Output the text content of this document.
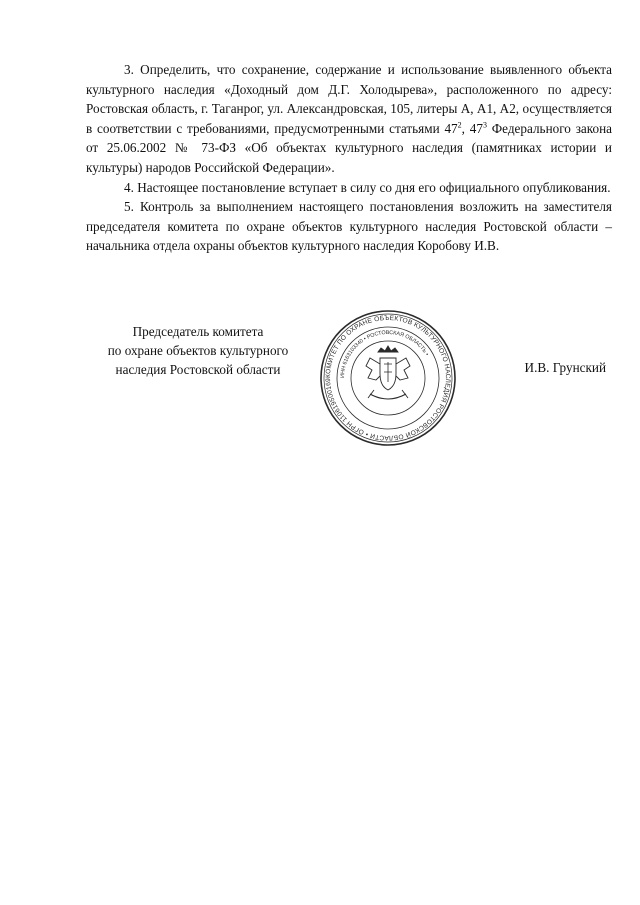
3. Определить, что сохранение, содержание и использование выявленного объекта культурного наследия «Доходный дом Д.Г. Холодырева», расположенного по адресу: Ростовская область, г. Таганрог, ул. Александровская, 105, литеры А, А1, А2, осуществляется в соответствии с требованиями, предусмотренными статьями $47^2$, $47^3$ Федерального закона от 25.06.2002 № 73-ФЗ «Об объектах культурного наследия (памятниках истории и культуры) народов Российской Федерации».

4. Настоящее постановление вступает в силу со дня его официального опубликования.

5. Контроль за выполнением настоящего постановления возложить на заместителя председателя комитета по охране объектов культурного наследия Ростовской области – начальника отдела охраны объектов культурного наследия Коробову И.В.

Председатель комитета
по охране объектов культурного
наследия Ростовской области	КОМИТЕТ ПО ОХРАНЕ ОБЪЕКТОВ КУЛЬТУРНОГО НАСЛЕДИЯ РОСТОВСКОЙ ОБЛАСТИ • ОГРН 110619500169
ИНН 6163103340 • РОСТОВСКАЯ ОБЛАСТЬ •
И.В. Грунский
